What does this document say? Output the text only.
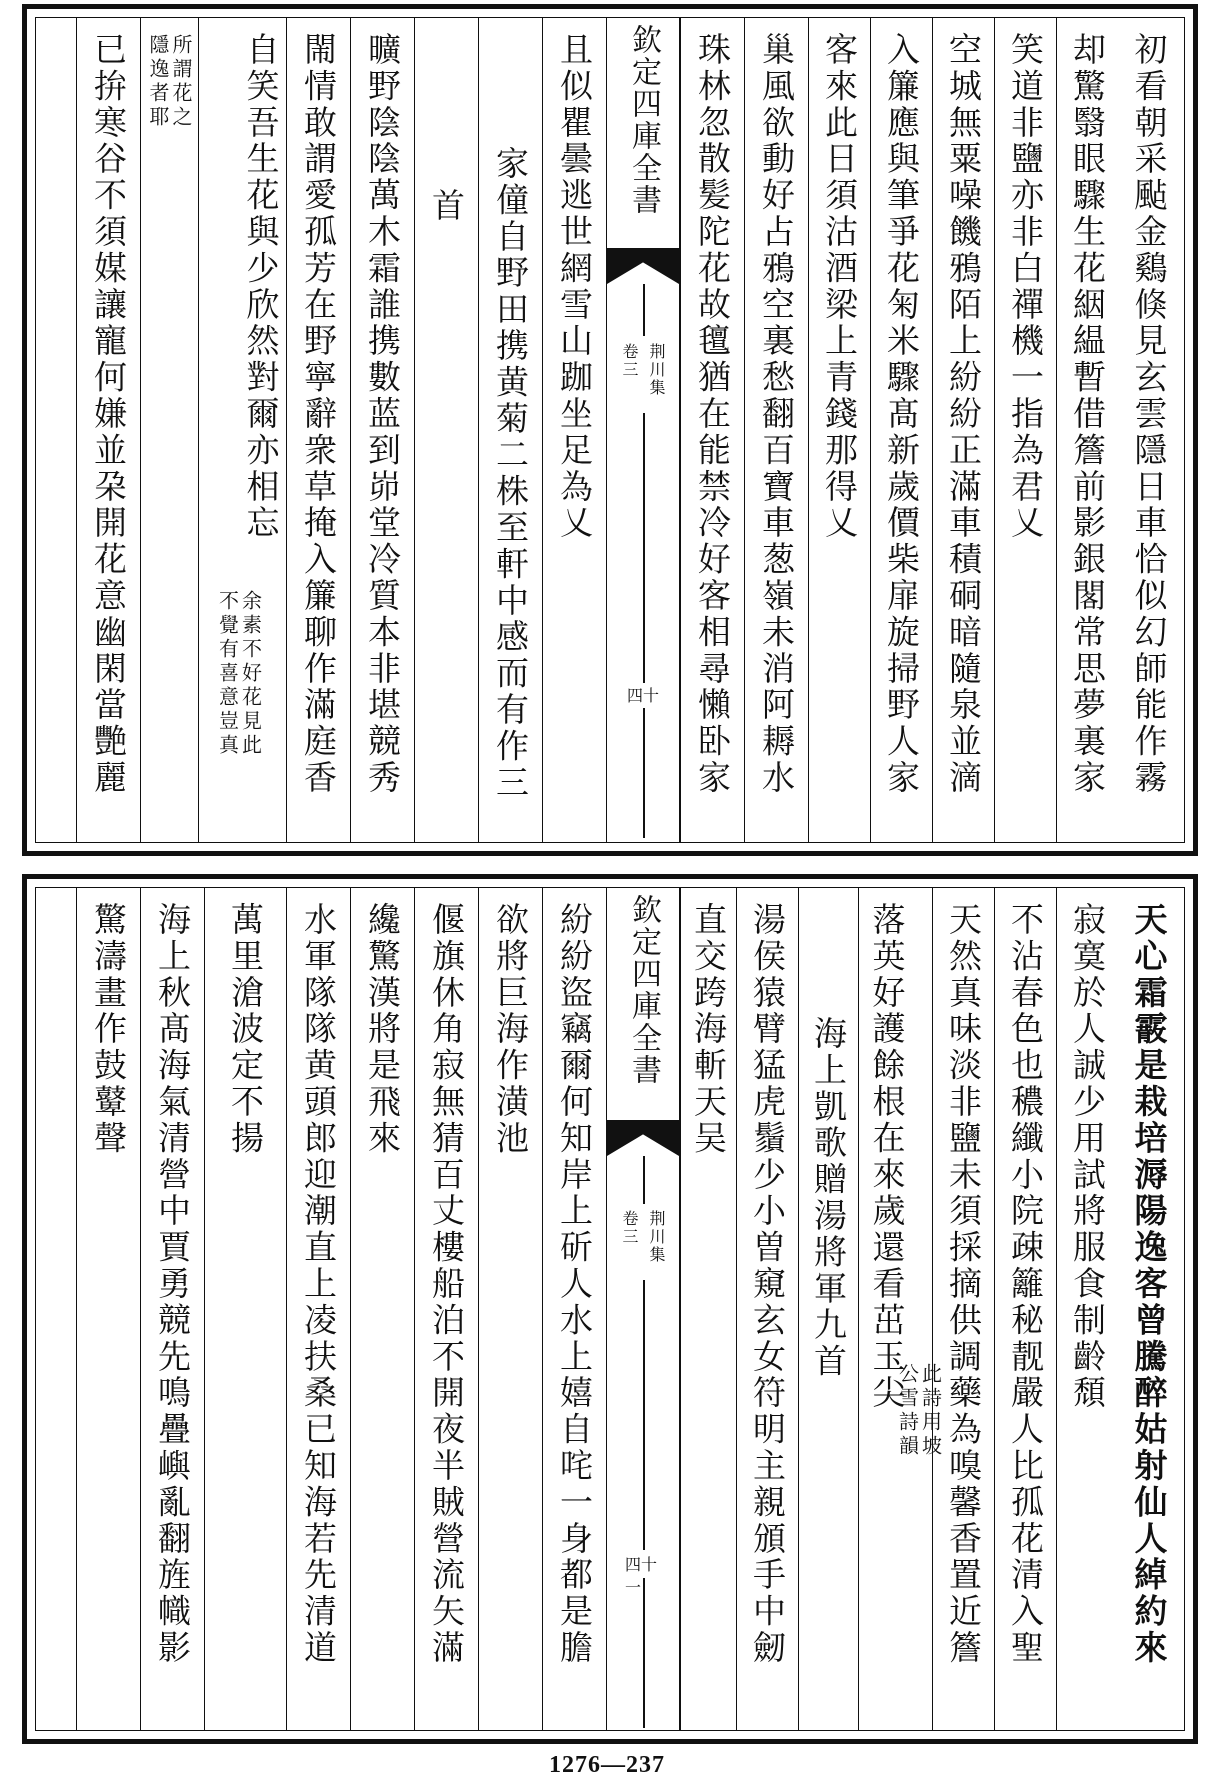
初看朝采颭金鷄倏見玄雲隱日車恰似幻師能作霧
却驚翳眼驟生花絪緼暫借簷前影銀閣常思夢裏家
笑道非鹽亦非白禪機一指為君乂
空城無粟噪饑鴉陌上紛紛正滿車積硐暗隨泉並滴
入簾應與筆爭花匊米驟髙新歲價柴扉旋掃野人家
客來此日須沽酒梁上青錢那得乂
巢風欲動好占鴉空裏愁翻百寶車葱嶺未消阿耨水
珠林忽散髪陀花故氊猶在能禁冷好客相尋懶卧家
欽定四庫全書
荆川集
卷三
四十
且似瞿曇逃世網雪山跏坐足為乂
家僮自野田携黄菊二株至軒中感而有作三
首
曠野陰陰萬木霜誰携數蓝到峁堂冷質本非堪競秀
閙情敢謂愛孤芳在野寧辭衆草掩入簾聊作滿庭香
自笑吾生花與少欣然對爾亦相忘
余素不好花見此
不覺有喜意豈真
所謂花之
隱逸者耶
已拚寒谷不須媒讓寵何嫌並朶開花意幽閑當艷麗
天心霜霰是栽培溽陽逸客曾騰醉姑射仙人綽約來
寂寞於人誠少用試將服食制齡頹
不沾春色也穠纖小院疎籬秘靓嚴人比孤花清入聖
天然真味淡非鹽未須採摘供調藥為嗅馨香置近簷
落英好護餘根在來歲還看茁玉尖 此詩用坡
公雪詩韻
海上凱歌贈湯將軍九首
湯侯猿臂猛虎鬚少小曽窺玄女符明主親頒手中劒
直交跨海斬天吴
欽定四庫全書
荆川集
卷三
四十一
紛紛盜竊爾何知岸上斫人水上嬉自咤一身都是膽
欲將巨海作潢池
偃旗休角寂無猜百丈樓船泊不開夜半賊營流矢滿
纔驚漢將是飛來
水軍隊隊黄頭郎迎潮直上凌扶桑已知海若先清道
萬里滄波定不揚
海上秋髙海氣清營中賈勇競先鳴疊嶼亂翻旌幟影
驚濤畫作鼓鼙聲
1276—237
